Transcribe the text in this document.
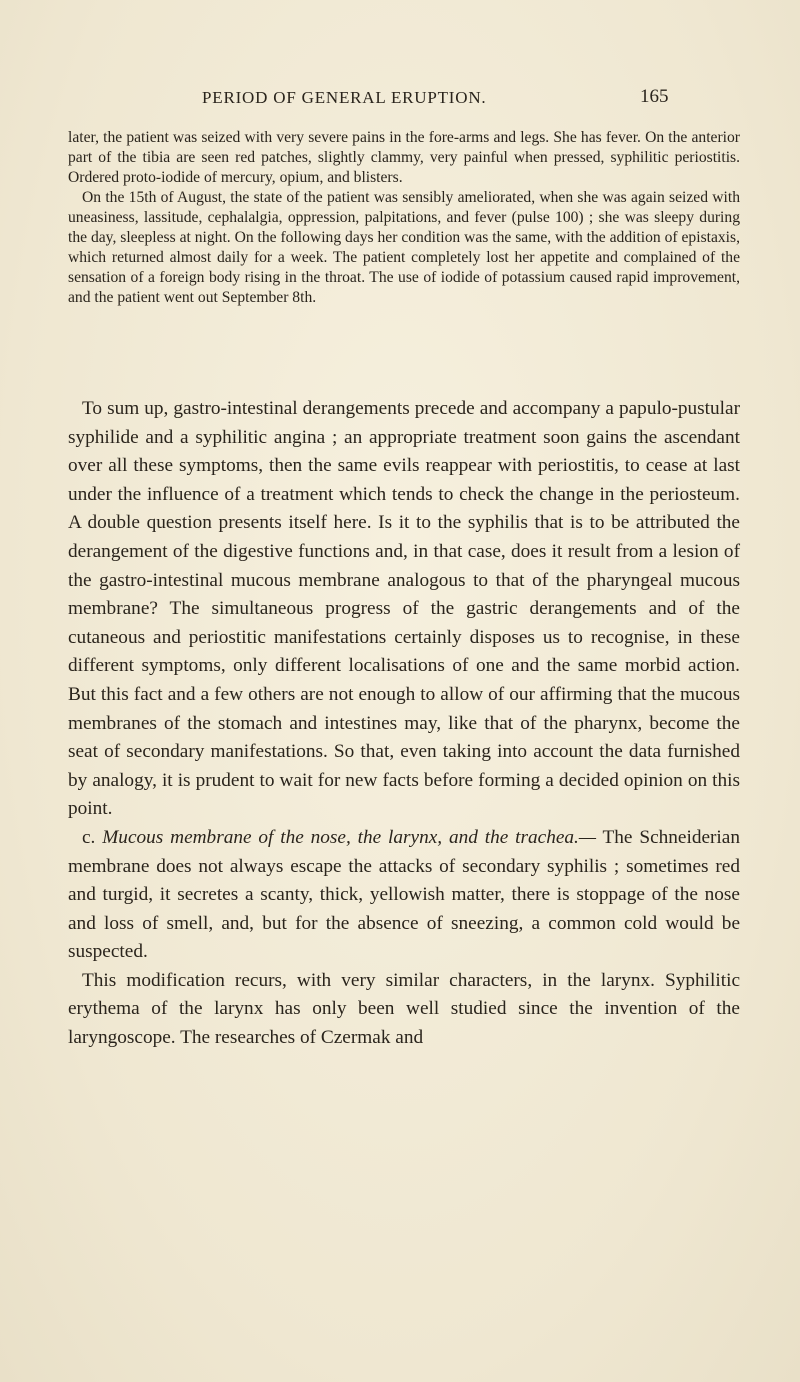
PERIOD OF GENERAL ERUPTION.	165

later, the patient was seized with very severe pains in the fore-arms and legs. She has fever. On the anterior part of the tibia are seen red patches, slightly clammy, very painful when pressed, syphilitic periostitis. Ordered proto-iodide of mercury, opium, and blisters.

On the 15th of August, the state of the patient was sensibly ameliorated, when she was again seized with uneasiness, lassitude, cephalalgia, oppression, palpitations, and fever (pulse 100) ; she was sleepy during the day, sleepless at night. On the following days her condition was the same, with the addition of epistaxis, which returned almost daily for a week. The patient completely lost her appetite and complained of the sensation of a foreign body rising in the throat. The use of iodide of potassium caused rapid improvement, and the patient went out September 8th.

To sum up, gastro-intestinal derangements precede and accompany a papulo-pustular syphilide and a syphilitic angina ; an appropriate treatment soon gains the ascendant over all these symptoms, then the same evils reappear with periostitis, to cease at last under the influence of a treatment which tends to check the change in the periosteum. A double question presents itself here. Is it to the syphilis that is to be attributed the derangement of the digestive functions and, in that case, does it result from a lesion of the gastro-intestinal mucous membrane analogous to that of the pharyngeal mucous membrane? The simultaneous progress of the gastric derangements and of the cutaneous and periostitic manifestations certainly disposes us to recognise, in these different symptoms, only different localisations of one and the same morbid action. But this fact and a few others are not enough to allow of our affirming that the mucous membranes of the stomach and intestines may, like that of the pharynx, become the seat of secondary manifestations. So that, even taking into account the data furnished by analogy, it is prudent to wait for new facts before forming a decided opinion on this point.

c. Mucous membrane of the nose, the larynx, and the trachea.— The Schneiderian membrane does not always escape the attacks of secondary syphilis ; sometimes red and turgid, it secretes a scanty, thick, yellowish matter, there is stoppage of the nose and loss of smell, and, but for the absence of sneezing, a common cold would be suspected.

This modification recurs, with very similar characters, in the larynx. Syphilitic erythema of the larynx has only been well studied since the invention of the laryngoscope. The researches of Czermak and
